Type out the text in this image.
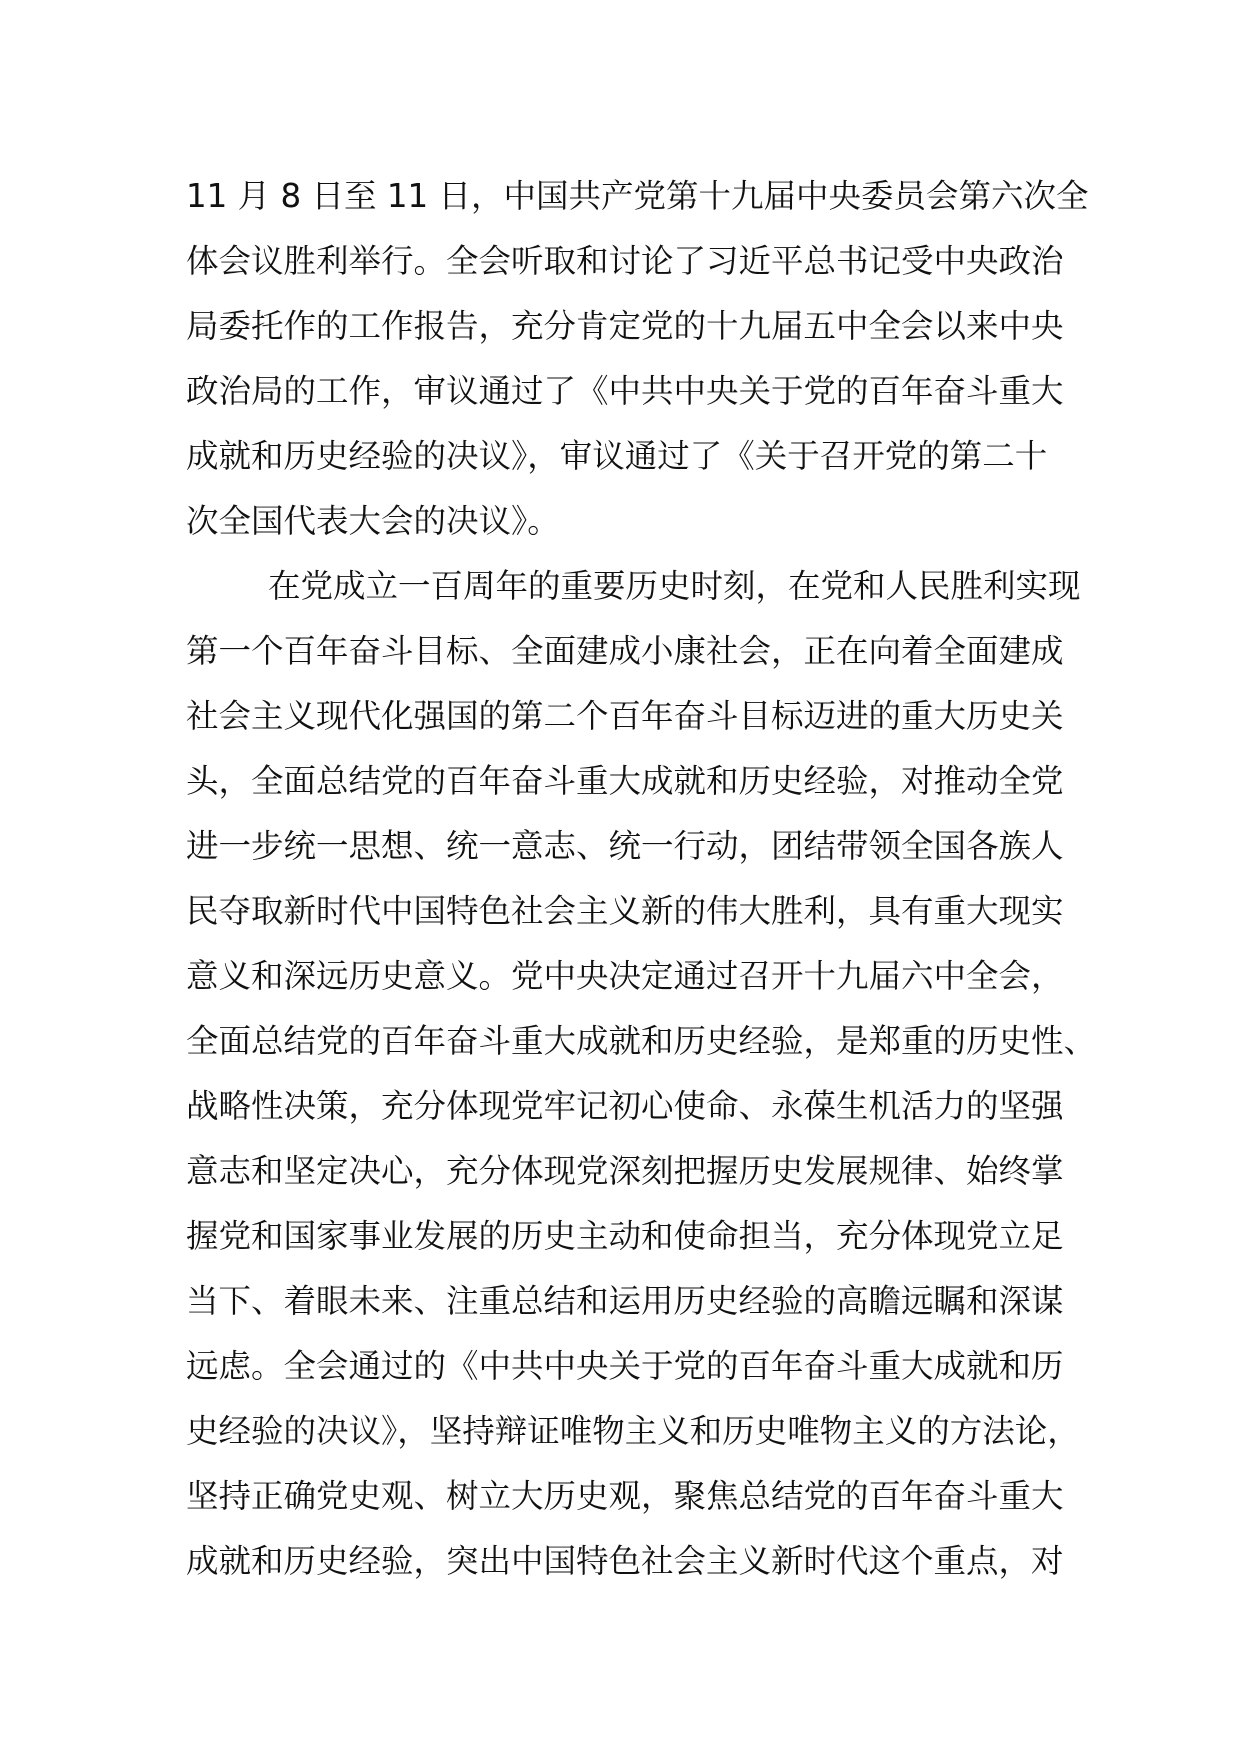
11 月 8 日至 11 日，中国共产党第十九届中央委员会第六次全
体会议胜利举行。全会听取和讨论了习近平总书记受中央政治
局委托作的工作报告，充分肯定党的十九届五中全会以来中央
政治局的工作，审议通过了《中共中央关于党的百年奋斗重大
成就和历史经验的决议》，审议通过了《关于召开党的第二十
次全国代表大会的决议》。
在党成立一百周年的重要历史时刻，在党和人民胜利实现
第一个百年奋斗目标、全面建成小康社会，正在向着全面建成
社会主义现代化强国的第二个百年奋斗目标迈进的重大历史关
头，全面总结党的百年奋斗重大成就和历史经验，对推动全党
进一步统一思想、统一意志、统一行动，团结带领全国各族人
民夺取新时代中国特色社会主义新的伟大胜利，具有重大现实
意义和深远历史意义。党中央决定通过召开十九届六中全会，
全面总结党的百年奋斗重大成就和历史经验，是郑重的历史性、
战略性决策，充分体现党牢记初心使命、永葆生机活力的坚强
意志和坚定决心，充分体现党深刻把握历史发展规律、始终掌
握党和国家事业发展的历史主动和使命担当，充分体现党立足
当下、着眼未来、注重总结和运用历史经验的高瞻远瞩和深谋
远虑。全会通过的《中共中央关于党的百年奋斗重大成就和历
史经验的决议》，坚持辩证唯物主义和历史唯物主义的方法论，
坚持正确党史观、树立大历史观，聚焦总结党的百年奋斗重大
成就和历史经验，突出中国特色社会主义新时代这个重点，对
